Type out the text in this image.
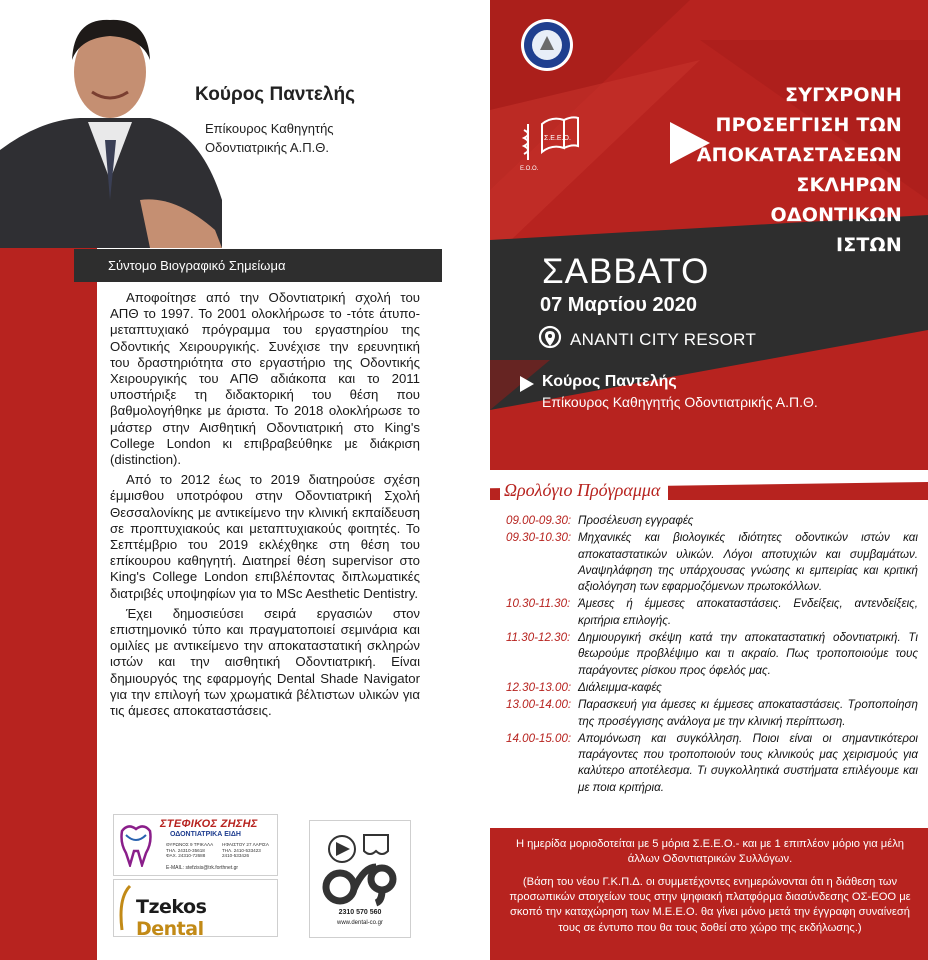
Κούρος Παντελής
Επίκουρος Καθηγητής
Οδοντιατρικής Α.Π.Θ.
Σύντομο Βιογραφικό Σημείωμα

Αποφοίτησε από την Οδοντιατρική σχολή του ΑΠΘ το 1997. Το 2001 ολοκλήρωσε το -τότε άτυπο- μεταπτυχιακό πρόγραμμα του εργαστηρίου της Οδοντικής Χειρουργικής. Συνέχισε την ερευνητική του δραστηριότητα στο εργαστήριο της Οδοντικής Χειρουργικής του ΑΠΘ αδιάκοπα και το 2011 υποστήριξε τη διδακτορική του θέση που βαθμολογήθηκε με άριστα. Το 2018 ολοκλήρωσε το μάστερ στην Αισθητική Οδοντιατρική στο King's College London κι επιβραβεύθηκε με διάκριση (distinction).

Από το 2012 έως το 2019 διατηρούσε σχέση έμμισθου υποτρόφου στην Οδοντιατρική Σχολή Θεσσαλονίκης με αντικείμενο την κλινική εκπαίδευση σε προπτυχιακούς και μεταπτυχιακούς φοιτητές. Το Σεπτέμβριο του 2019 εκλέχθηκε στη θέση του επίκουρου καθηγητή. Διατηρεί θέση supervisor στο King's College London επιβλέποντας διπλωματικές διατριβές υποψηφίων για το MSc Aesthetic Dentistry.

Έχει δημοσιεύσει σειρά εργασιών στον επιστημονικό τύπο και πραγματοποιεί σεμινάρια και ομιλίες με αντικείμενο την αποκαταστατική σκληρών ιστών και την αισθητική Οδοντιατρική. Είναι δημιουργός της εφαρμογής Dental Shade Navigator για την επιλογή των χρωματικά βέλτιστων υλικών για τις άμεσες αποκαταστάσεις.

ΣΤΕΦΙΚΟΣ ΖΗΣΗΣ
ΟΔΟΝΤΙΑΤΡΙΚΑ ΕΙΔΗ
ΘΥΡΩΝΟΣ 9 ΤΡΙΚΑΛΑ
ΤΗΛ. 24310-35618
ΦΑΧ. 24310-72688
ΗΦΑΙΣΤΟΥ 27 ΛΑΡΙΣΑ
ΤΗΛ. 2410-533423
2410-533426
E-MAIL: stefzisis@trk.forthnet.gr
Tzekos Dental
2310 570 560
www.dental-co.gr
Σ.Ε.Ε.Ο.
Ε.Ο.Ο.
ΣΥΓΧΡΟΝΗ
ΠΡΟΣΕΓΓΙΣΗ ΤΩΝ
ΑΠΟΚΑΤΑΣΤΑΣΕΩΝ
ΣΚΛΗΡΩΝ
ΟΔΟΝΤΙΚΩΝ
ΙΣΤΩΝ
ΣΑΒΒΑΤΟ
07 Μαρτίου 2020
ANANTI CITY RESORT
Κούρος Παντελής
Επίκουρος Καθηγητής Οδοντιατρικής Α.Π.Θ.
Ωρολόγιο Πρόγραμμα
09.00-09.30: Προσέλευση εγγραφές
09.30-10.30: Μηχανικές και βιολογικές ιδιότητες οδοντικών ιστών και αποκαταστατικών υλικών. Λόγοι αποτυχιών και συμβαμάτων. Αναψηλάφηση της υπάρχουσας γνώσης κι εμπειρίας και κριτική αξιολόγηση των εφαρμοζόμενων πρωτοκόλλων.
10.30-11.30: Άμεσες ή έμμεσες αποκαταστάσεις. Ενδείξεις, αντενδείξεις, κριτήρια επιλογής.
11.30-12.30: Δημιουργική σκέψη κατά την αποκαταστατική οδοντιατρική. Τι θεωρούμε προβλέψιμο και τι ακραίο. Πως τροποποιούμε τους παράγοντες ρίσκου προς όφελός μας.
12.30-13.00: Διάλειμμα-καφές
13.00-14.00: Παρασκευή για άμεσες κι έμμεσες αποκαταστάσεις. Τροποποίηση της προσέγγισης ανάλογα με την κλινική περίπτωση.
14.00-15.00: Απομόνωση και συγκόλληση. Ποιοι είναι οι σημαντικότεροι παράγοντες που τροποποιούν τους κλινικούς μας χειρισμούς για καλύτερο αποτέλεσμα. Τι συγκολλητικά συστήματα επιλέγουμε και με ποια κριτήρια.

Η ημερίδα μοριοδοτείται με 5 μόρια Σ.Ε.Ε.Ο.- και με 1 επιπλέον μόριο για μέλη άλλων Οδοντιατρικών Συλλόγων.

(Βάση του νέου Γ.Κ.Π.Δ. οι συμμετέχοντες ενημερώνονται ότι η διάθεση των προσωπικών στοιχείων τους στην ψηφιακή πλατφόρμα διασύνδεσης ΟΣ-ΕΟΟ με σκοπό την καταχώρηση των Μ.Ε.Ε.Ο. θα γίνει μόνο μετά την έγγραφη συναίνεσή τους σε έντυπο που θα τους δοθεί στο χώρο της εκδήλωσης.)
